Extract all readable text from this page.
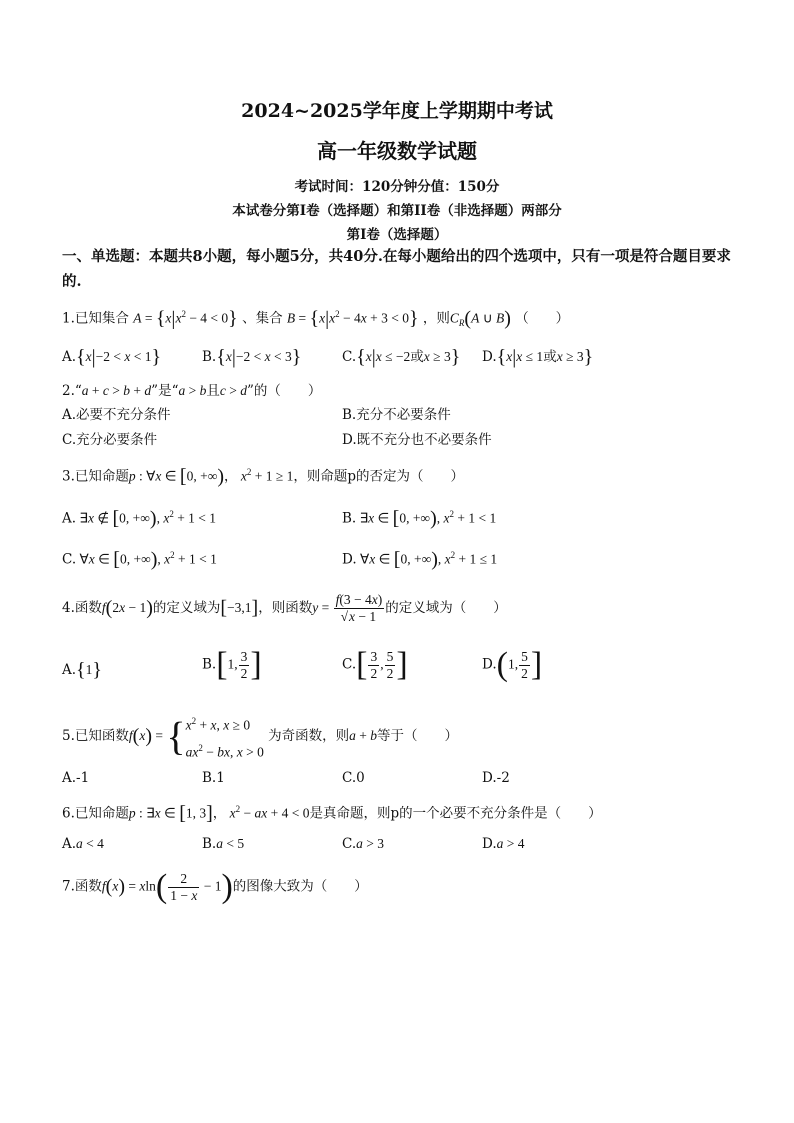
2024~2025学年度上学期期中考试
高一年级数学试题
考试时间：120分钟分值：150分
本试卷分第I卷（选择题）和第II卷（非选择题）两部分
第I卷（选择题）
一、单选题：本题共8小题，每小题5分，共40分.在每小题给出的四个选项中，只有一项是符合题目要求的.
1.已知集合 $A = \{x|x^2 - 4 < 0\}$ 、集合 $B = \{x|x^2 - 4x + 3 < 0\}$ ，则$C_R(A$ ∪ B) （　　）
A.{x|−2 < x < 1}	B.{x|−2 < x < 3}	C.{x|x ≤ −2或x ≥ 3} D.{x|x ≤ 1或x ≥ 3}
2.“a + c > b + d”是“a > b且c > d”的（　　）
A.必要不充分条件	B.充分不必要条件
C.充分必要条件	D.既不充分也不必要条件
3.已知命题p : ∀x ∈ [0, +∞)， $x^2 + 1 \ge 1$，则命题p的否定为（　　）
A. ∃x ∉ [0, +∞), $x^2 + 1 < 1$	B. ∃x ∈ [0, +∞), $x^2 + 1 < 1$
C. ∀x ∈ [0, +∞), $x^2 + 1 < 1$	D. ∀x ∈ [0, +∞), $x^2 + 1 \le 1$
4.函数f(2x − 1)的定义域为[−3,1]，则函数$y = \frac{f(3 - 4x)}{√x - 1}$ 的定义域为（　　）
A.{1}	B.[1, $\frac{3}{2}$ ]	$C.[ \frac{3}{2}$ , $\frac{5}{2}$ ]	D.(1, $\frac{5}{2}$ ]
5.已知函数f(x) = { $x^2 + x$, x ≥ 0
$ax^2$ − bx, x > 0
为奇函数，则a + b等于（　　）
A.-1	B.1	C.0	D.-2
6.已知命题p : ∃x ∈ [1, 3]， $x^2$ − ax + 4 < 0是真命题，则p的一个必要不充分条件是（　　）
A.a < 4	B.a < 5	C.a > 3	D.a > 4
7.函数$f(x) = xln( \frac{2}{1 - x} - 1)$的图像大致为（　　）
